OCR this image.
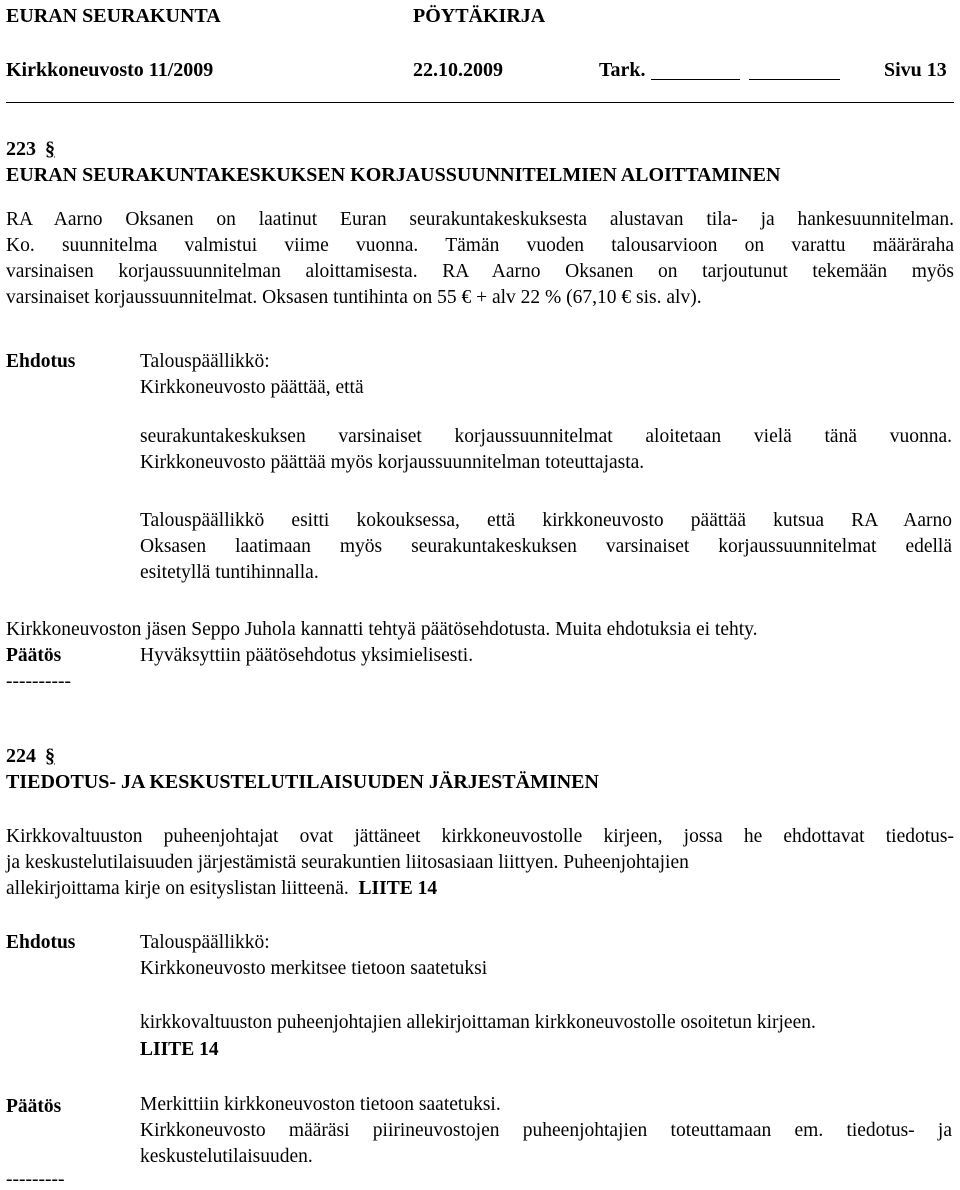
EURAN SEURAKUNTA	PÖYTÄKIRJA
Kirkkoneuvosto 11/2009	22.10.2009	Tark.	Sivu 13
223 §
EURAN SEURAKUNTAKESKUKSEN KORJAUSSUUNNITELMIEN ALOITTAMINEN

RA Aarno Oksanen on laatinut Euran seurakuntakeskuksesta alustavan tila- ja hankesuunnitelman.
Ko. suunnitelma valmistui viime vuonna. Tämän vuoden talousarvioon on varattu määräraha
varsinaisen korjaussuunnitelman aloittamisesta. RA Aarno Oksanen on tarjoutunut tekemään myös
varsinaiset korjaussuunnitelmat. Oksasen tuntihinta on 55 € + alv 22 % (67,10 € sis. alv).

Ehdotus	Talouspäällikkö:
Kirkkoneuvosto päättää, että

seurakuntakeskuksen varsinaiset korjaussuunnitelmat aloitetaan vielä tänä vuonna.
Kirkkoneuvosto päättää myös korjaussuunnitelman toteuttajasta.

Talouspäällikkö esitti kokouksessa, että kirkkoneuvosto päättää kutsua RA Aarno
Oksasen laatimaan myös seurakuntakeskuksen varsinaiset korjaussuunnitelmat edellä
esitetyllä tuntihinnalla.

Kirkkoneuvoston jäsen Seppo Juhola kannatti tehtyä päätösehdotusta. Muita ehdotuksia ei tehty.
Päätös	Hyväksyttiin päätösehdotus yksimielisesti.
----------
224 §
TIEDOTUS- JA KESKUSTELUTILAISUUDEN JÄRJESTÄMINEN

Kirkkovaltuuston puheenjohtajat ovat jättäneet kirkkoneuvostolle kirjeen, jossa he ehdottavat tiedotus-
ja keskustelutilaisuuden järjestämistä seurakuntien liitosasiaan liittyen. Puheenjohtajien
allekirjoittama kirje on esityslistan liitteenä. LIITE 14

Ehdotus	Talouspäällikkö:
Kirkkoneuvosto merkitsee tietoon saatetuksi
kirkkovaltuuston puheenjohtajien allekirjoittaman kirkkoneuvostolle osoitetun kirjeen.
LIITE 14
Päätös	Merkittiin kirkkoneuvoston tietoon saatetuksi.
Kirkkoneuvosto määräsi piirineuvostojen puheenjohtajien toteuttamaan em. tiedotus- ja
keskustelutilaisuuden.

---------
